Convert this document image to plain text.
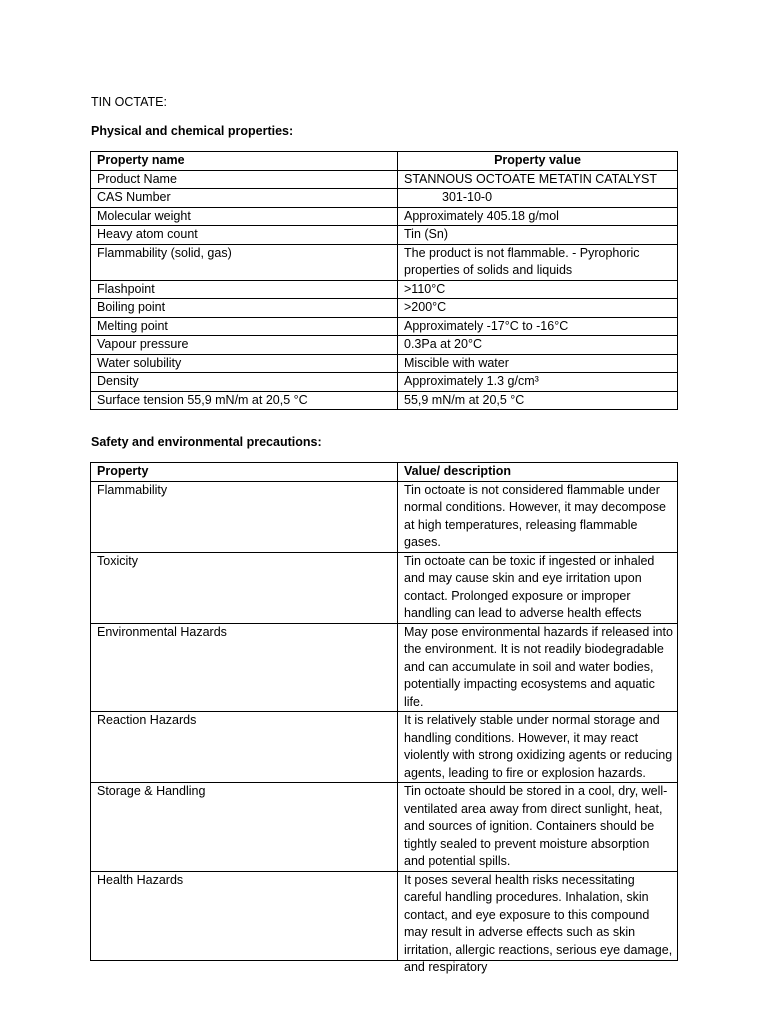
TIN OCTATE:
Physical and chemical properties:
Property name	Property value
Product Name	STANNOUS OCTOATE METATIN CATALYST
CAS Number	301-10-0
Molecular weight	Approximately 405.18 g/mol
Heavy atom count	Tin (Sn)
Flammability (solid, gas)	The product is not flammable. - Pyrophoric properties of solids and liquids
Flashpoint	>110°C
Boiling point	>200°C
Melting point	Approximately -17°C to -16°C
Vapour pressure	0.3Pa at 20°C
Water solubility	Miscible with water
Density	Approximately 1.3 g/cm³
Surface tension 55,9 mN/m at 20,5 °C	55,9 mN/m at 20,5 °C
Safety and environmental precautions:
Property	Value/ description
Flammability	Tin octoate is not considered flammable under normal conditions. However, it may decompose at high temperatures, releasing flammable gases.
Toxicity	Tin octoate can be toxic if ingested or inhaled and may cause skin and eye irritation upon contact. Prolonged exposure or improper handling can lead to adverse health effects
Environmental Hazards	May pose environmental hazards if released into the environment. It is not readily biodegradable and can accumulate in soil and water bodies, potentially impacting ecosystems and aquatic life.
Reaction Hazards	It is relatively stable under normal storage and handling conditions. However, it may react violently with strong oxidizing agents or reducing agents, leading to fire or explosion hazards.
Storage & Handling	Tin octoate should be stored in a cool, dry, well-ventilated area away from direct sunlight, heat, and sources of ignition. Containers should be tightly sealed to prevent moisture absorption and potential spills.
Health Hazards	It poses several health risks necessitating careful handling procedures. Inhalation, skin contact, and eye exposure to this compound may result in adverse effects such as skin irritation, allergic reactions, serious eye damage, and respiratory
